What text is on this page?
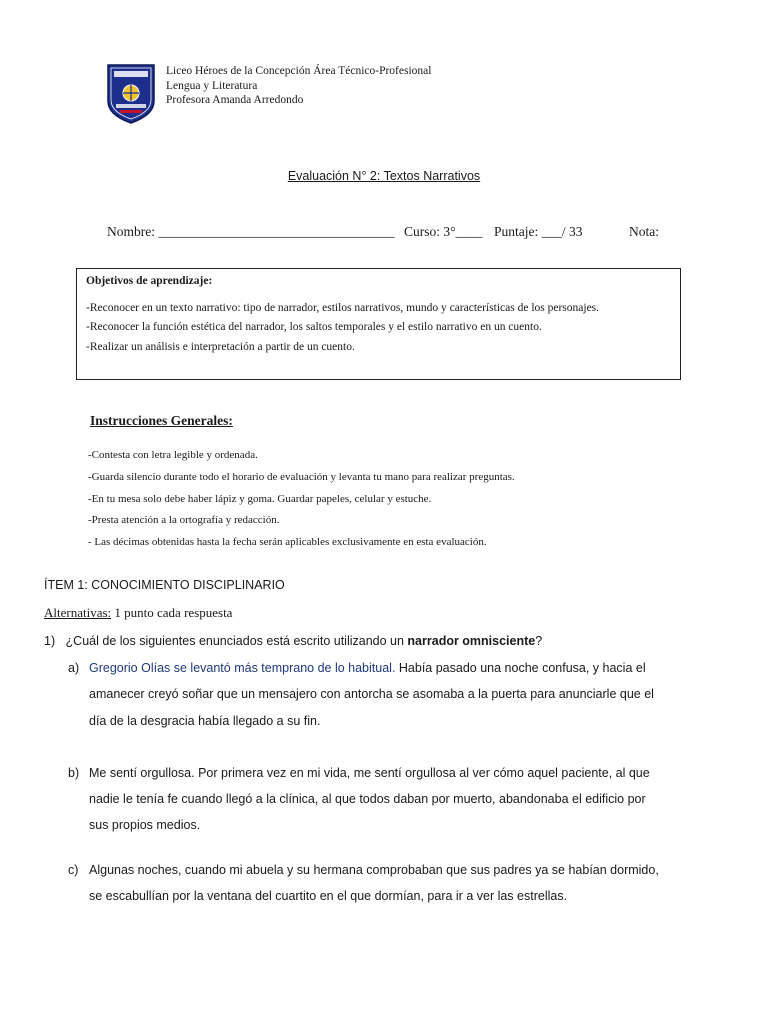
Liceo Héroes de la Concepción Área Técnico-Profesional
Lengua y Literatura
Profesora Amanda Arredondo
Evaluación N° 2: Textos Narrativos
Nombre: ___________________________________ Curso: 3°____ Puntaje: ___/ 33	Nota:
Objetivos de aprendizaje:
-Reconocer en un texto narrativo: tipo de narrador, estilos narrativos, mundo y características de los personajes.
-Reconocer la función estética del narrador, los saltos temporales y el estilo narrativo en un cuento.
-Realizar un análisis e interpretación a partir de un cuento.
Instrucciones Generales:
-Contesta con letra legible y ordenada.
-Guarda silencio durante todo el horario de evaluación y levanta tu mano para realizar preguntas.
-En tu mesa solo debe haber lápiz y goma. Guardar papeles, celular y estuche.
-Presta atención a la ortografía y redacción.
- Las décimas obtenidas hasta la fecha serán aplicables exclusivamente en esta evaluación.
ÍTEM 1: CONOCIMIENTO DISCIPLINARIO
Alternativas: 1 punto cada respuesta
1) ¿Cuál de los siguientes enunciados está escrito utilizando un narrador omnisciente?
a) Gregorio Olías se levantó más temprano de lo habitual. Había pasado una noche confusa, y hacia el
amanecer creyó soñar que un mensajero con antorcha se asomaba a la puerta para anunciarle que el
día de la desgracia había llegado a su fin.
b) Me sentí orgullosa. Por primera vez en mi vida, me sentí orgullosa al ver cómo aquel paciente, al que
nadie le tenía fe cuando llegó a la clínica, al que todos daban por muerto, abandonaba el edificio por
sus propios medios.
c) Algunas noches, cuando mi abuela y su hermana comprobaban que sus padres ya se habían dormido,
se escabullían por la ventana del cuartito en el que dormían, para ir a ver las estrellas.
